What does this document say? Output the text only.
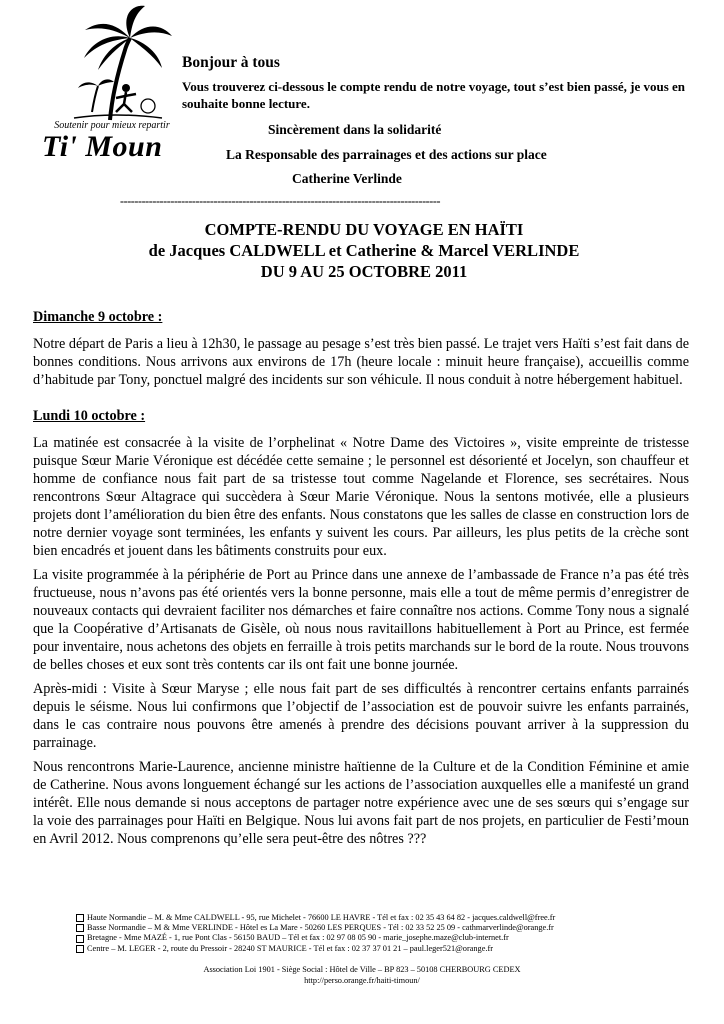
Soutenir pour mieux repartir
Ti' Moun

Bonjour à tous

Vous trouverez ci-dessous le compte rendu de notre voyage, tout s’est bien passé, je vous en souhaite bonne lecture.

Sincèrement dans la solidarité
La Responsable des parrainages et des actions sur place
Catherine Verlinde
-----------------------------------------------------------------------------------------
COMPTE-RENDU DU VOYAGE EN HAÏTI
de Jacques CALDWELL et Catherine & Marcel VERLINDE
DU 9 AU 25 OCTOBRE 2011

Dimanche 9 octobre :

Notre départ de Paris a lieu à 12h30, le passage au pesage s’est très bien passé. Le trajet vers Haïti s’est fait dans de bonnes conditions. Nous arrivons aux environs de 17h (heure locale : minuit heure française), accueillis comme d’habitude par Tony, ponctuel malgré des incidents sur son véhicule. Il nous conduit à notre hébergement habituel.

Lundi 10 octobre :

La matinée est consacrée à la visite de l’orphelinat « Notre Dame des Victoires », visite empreinte de tristesse puisque Sœur Marie Véronique est décédée cette semaine ; le personnel est désorienté et Jocelyn, son chauffeur et homme de confiance nous fait part de sa tristesse tout comme Nagelande et Florence, ses secrétaires. Nous rencontrons Sœur Altagrace qui succèdera à Sœur Marie Véronique. Nous la sentons motivée, elle a plusieurs projets dont l’amélioration du bien être des enfants. Nous constatons que les salles de classe en construction lors de notre dernier voyage sont terminées, les enfants y suivent les cours. Par ailleurs, les plus petits de la crèche sont bien encadrés et jouent dans les bâtiments construits pour eux.

La visite programmée à la périphérie de Port au Prince dans une annexe de l’ambassade de France n’a pas été très fructueuse, nous n’avons pas été orientés vers la bonne personne, mais elle a tout de même permis d’enregistrer de nouveaux contacts qui devraient faciliter nos démarches et faire connaître nos actions. Comme Tony nous a signalé que la Coopérative d’Artisanats de Gisèle, où nous nous ravitaillons habituellement à Port au Prince, est fermée pour inventaire, nous achetons des objets en ferraille à trois petits marchands sur le bord de la route. Nous trouvons de belles choses et eux sont très contents car ils ont fait une bonne journée.

Après-midi : Visite à Sœur Maryse ; elle nous fait part de ses difficultés à rencontrer certains enfants parrainés depuis le séisme. Nous lui confirmons que l’objectif de l’association est de pouvoir suivre les enfants parrainés, dans le cas contraire nous pouvons être amenés à prendre des décisions pouvant arriver à la suppression du parrainage.

Nous rencontrons Marie-Laurence, ancienne ministre haïtienne de la Culture et de la Condition Féminine et amie de Catherine. Nous avons longuement échangé sur les actions de l’association auxquelles elle a manifesté un grand intérêt. Elle nous demande si nous acceptons de partager notre expérience avec une de ses sœurs qui s’engage sur la voie des parrainages pour Haïti en Belgique. Nous lui avons fait part de nos projets, en particulier de Festi’moun en Avril 2012. Nous comprenons qu’elle sera peut-être des nôtres ???

Haute Normandie – M. & Mme CALDWELL - 95, rue Michelet - 76600 LE HAVRE - Tél et fax : 02 35 43 64 82 - jacques.caldwell@free.fr
Basse Normandie – M & Mme VERLINDE - Hôtel es La Mare - 50260 LES PERQUES - Tél : 02 33 52 25 09 - cathmarverlinde@orange.fr
Bretagne - Mme MAZÉ - 1, rue Pont Clas - 56150 BAUD – Tél et fax : 02 97 08 05 90 - marie_josephe.maze@club-internet.fr
Centre – M. LEGER - 2, route du Pressoir - 28240 ST MAURICE - Tél et fax : 02 37 37 01 21 – paul.leger521@orange.fr
Association Loi 1901 - Siège Social : Hôtel de Ville – BP 823 – 50108 CHERBOURG CEDEX
http://perso.orange.fr/haiti-timoun/
